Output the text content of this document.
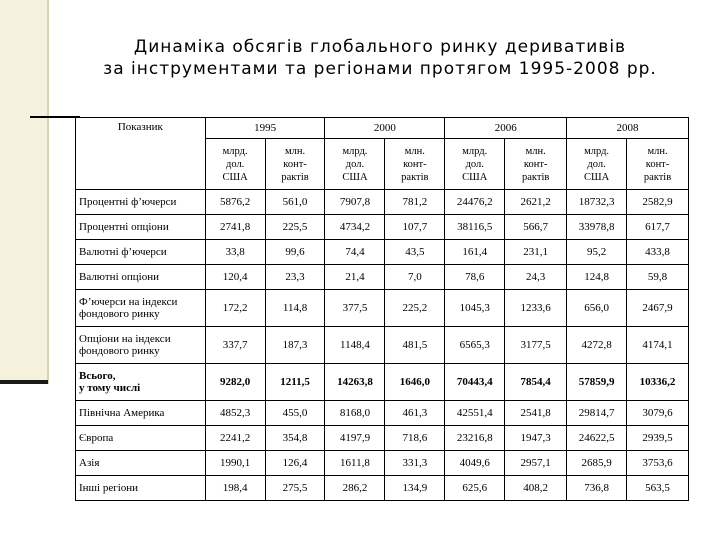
Динаміка обсягів глобального ринку деривативів
за інструментами та регіонами протягом 1995-2008 рр.
Показник	1995		2000		2006		2008	
	млрд.
дол.
США	млн.
конт-
рактів	млрд.
дол.
США	млн.
конт-
рактів	млрд.
дол.
США	млн.
конт-
рактів	млрд.
дол.
США	млн.
конт-
рактів
Процентні ф’ючерси	5876,2	561,0	7907,8	781,2	24476,2	2621,2	18732,3	2582,9
Процентні опціони	2741,8	225,5	4734,2	107,7	38116,5	566,7	33978,8	617,7
Валютні ф’ючерси	33,8	99,6	74,4	43,5	161,4	231,1	95,2	433,8
Валютні опціони	120,4	23,3	21,4	7,0	78,6	24,3	124,8	59,8
Ф’ючерси на індекси фондового ринку	172,2	114,8	377,5	225,2	1045,3	1233,6	656,0	2467,9
Опціони на індекси фондового ринку	337,7	187,3	1148,4	481,5	6565,3	3177,5	4272,8	4174,1
Всього,
у тому числі	9282,0	1211,5	14263,8	1646,0	70443,4	7854,4	57859,9	10336,2
Північна Америка	4852,3	455,0	8168,0	461,3	42551,4	2541,8	29814,7	3079,6
Європа	2241,2	354,8	4197,9	718,6	23216,8	1947,3	24622,5	2939,5
Азія	1990,1	126,4	1611,8	331,3	4049,6	2957,1	2685,9	3753,6
Інші регіони	198,4	275,5	286,2	134,9	625,6	408,2	736,8	563,5
